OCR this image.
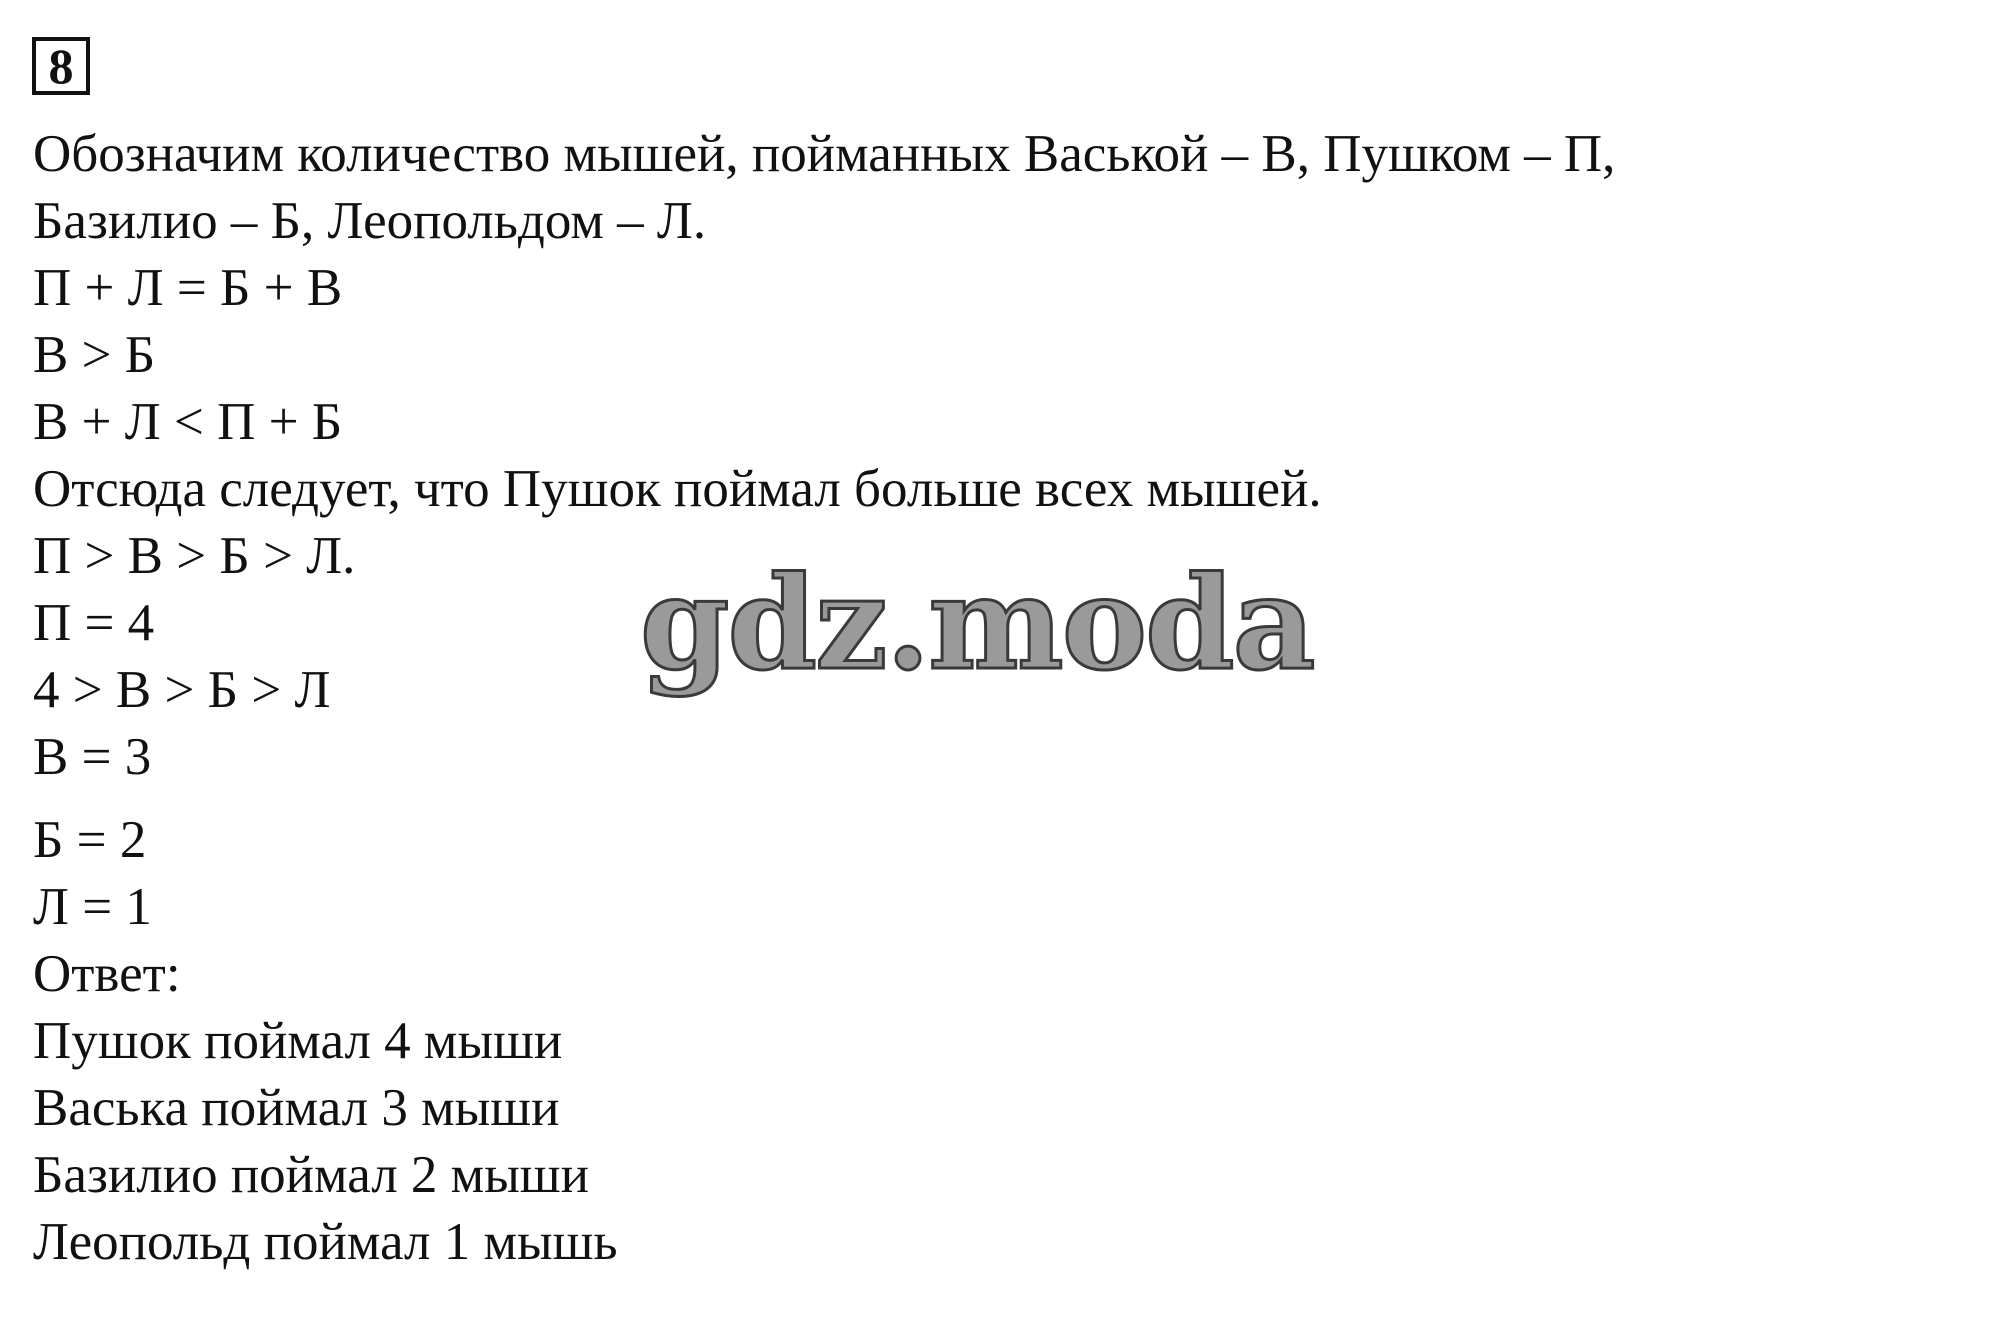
8
Обозначим количество мышей, пойманных Васькой – В, Пушком – П,
Базилио – Б, Леопольдом – Л.
П + Л = Б + В
В > Б
В + Л < П + Б
Отсюда следует, что Пушок поймал больше всех мышей.
П > В > Б > Л.
П = 4
4 > В > Б > Л
В = 3
Б = 2
Л = 1
Ответ:
Пушок поймал 4 мыши
Васька поймал 3 мыши
Базилио поймал 2 мыши
Леопольд поймал 1 мышь
gdz.moda
